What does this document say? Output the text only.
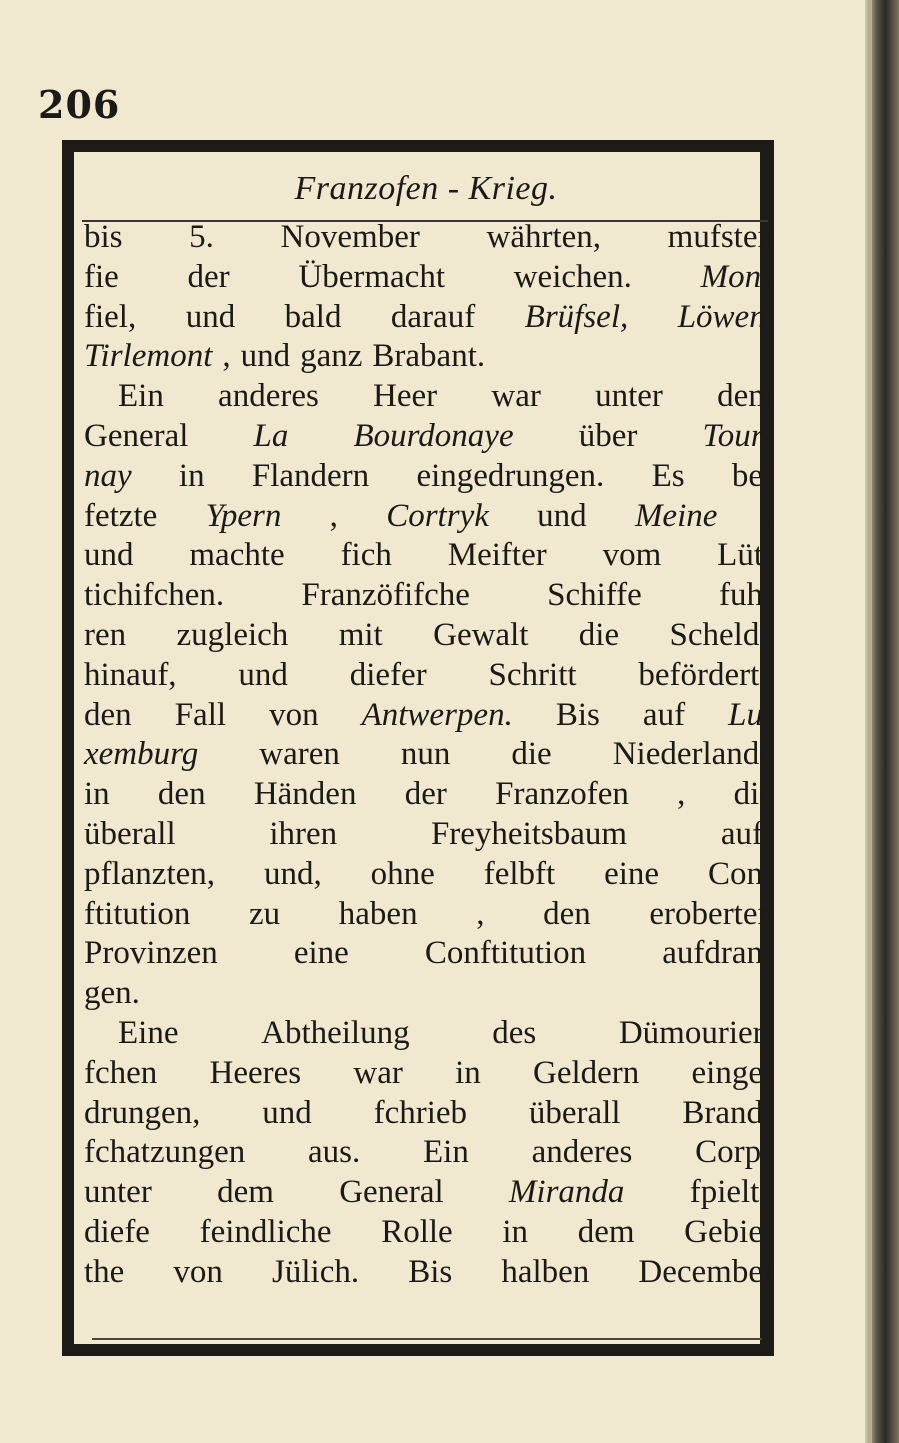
206
Franzofen - Krieg.
bis 5. November währten, mufsten
fie der Übermacht weichen. Mons
fiel, und bald darauf Brüfsel, Löwen,
Tirlemont , und ganz Brabant.
Ein anderes Heer war unter dem
General La Bourdonaye über Tour-
nay in Flandern eingedrungen. Es be-
fetzte Ypern , Cortryk und Meine ,
und machte fich Meifter vom Lüt-
tichifchen. Franzöfifche Schiffe fuh-
ren zugleich mit Gewalt die Schelde
hinauf, und diefer Schritt beförderte
den Fall von Antwerpen. Bis auf Lu-
xemburg waren nun die Niederlande
in den Händen der Franzofen , die
überall	ihren	Freyheitsbaum	auf-
pflanzten, und, ohne felbft eine Con-
ftitution zu haben , den eroberten
Provinzen eine Conftitution aufdran-
gen.
Eine	Abtheilung	des	Dümourier-
fchen Heeres war in Geldern einge-
drungen, und fchrieb überall Brand-
fchatzungen aus. Ein anderes Corps
unter dem General Miranda fpielte
diefe feindliche Rolle in dem Gebie-
the von Jülich. Bis halben December
